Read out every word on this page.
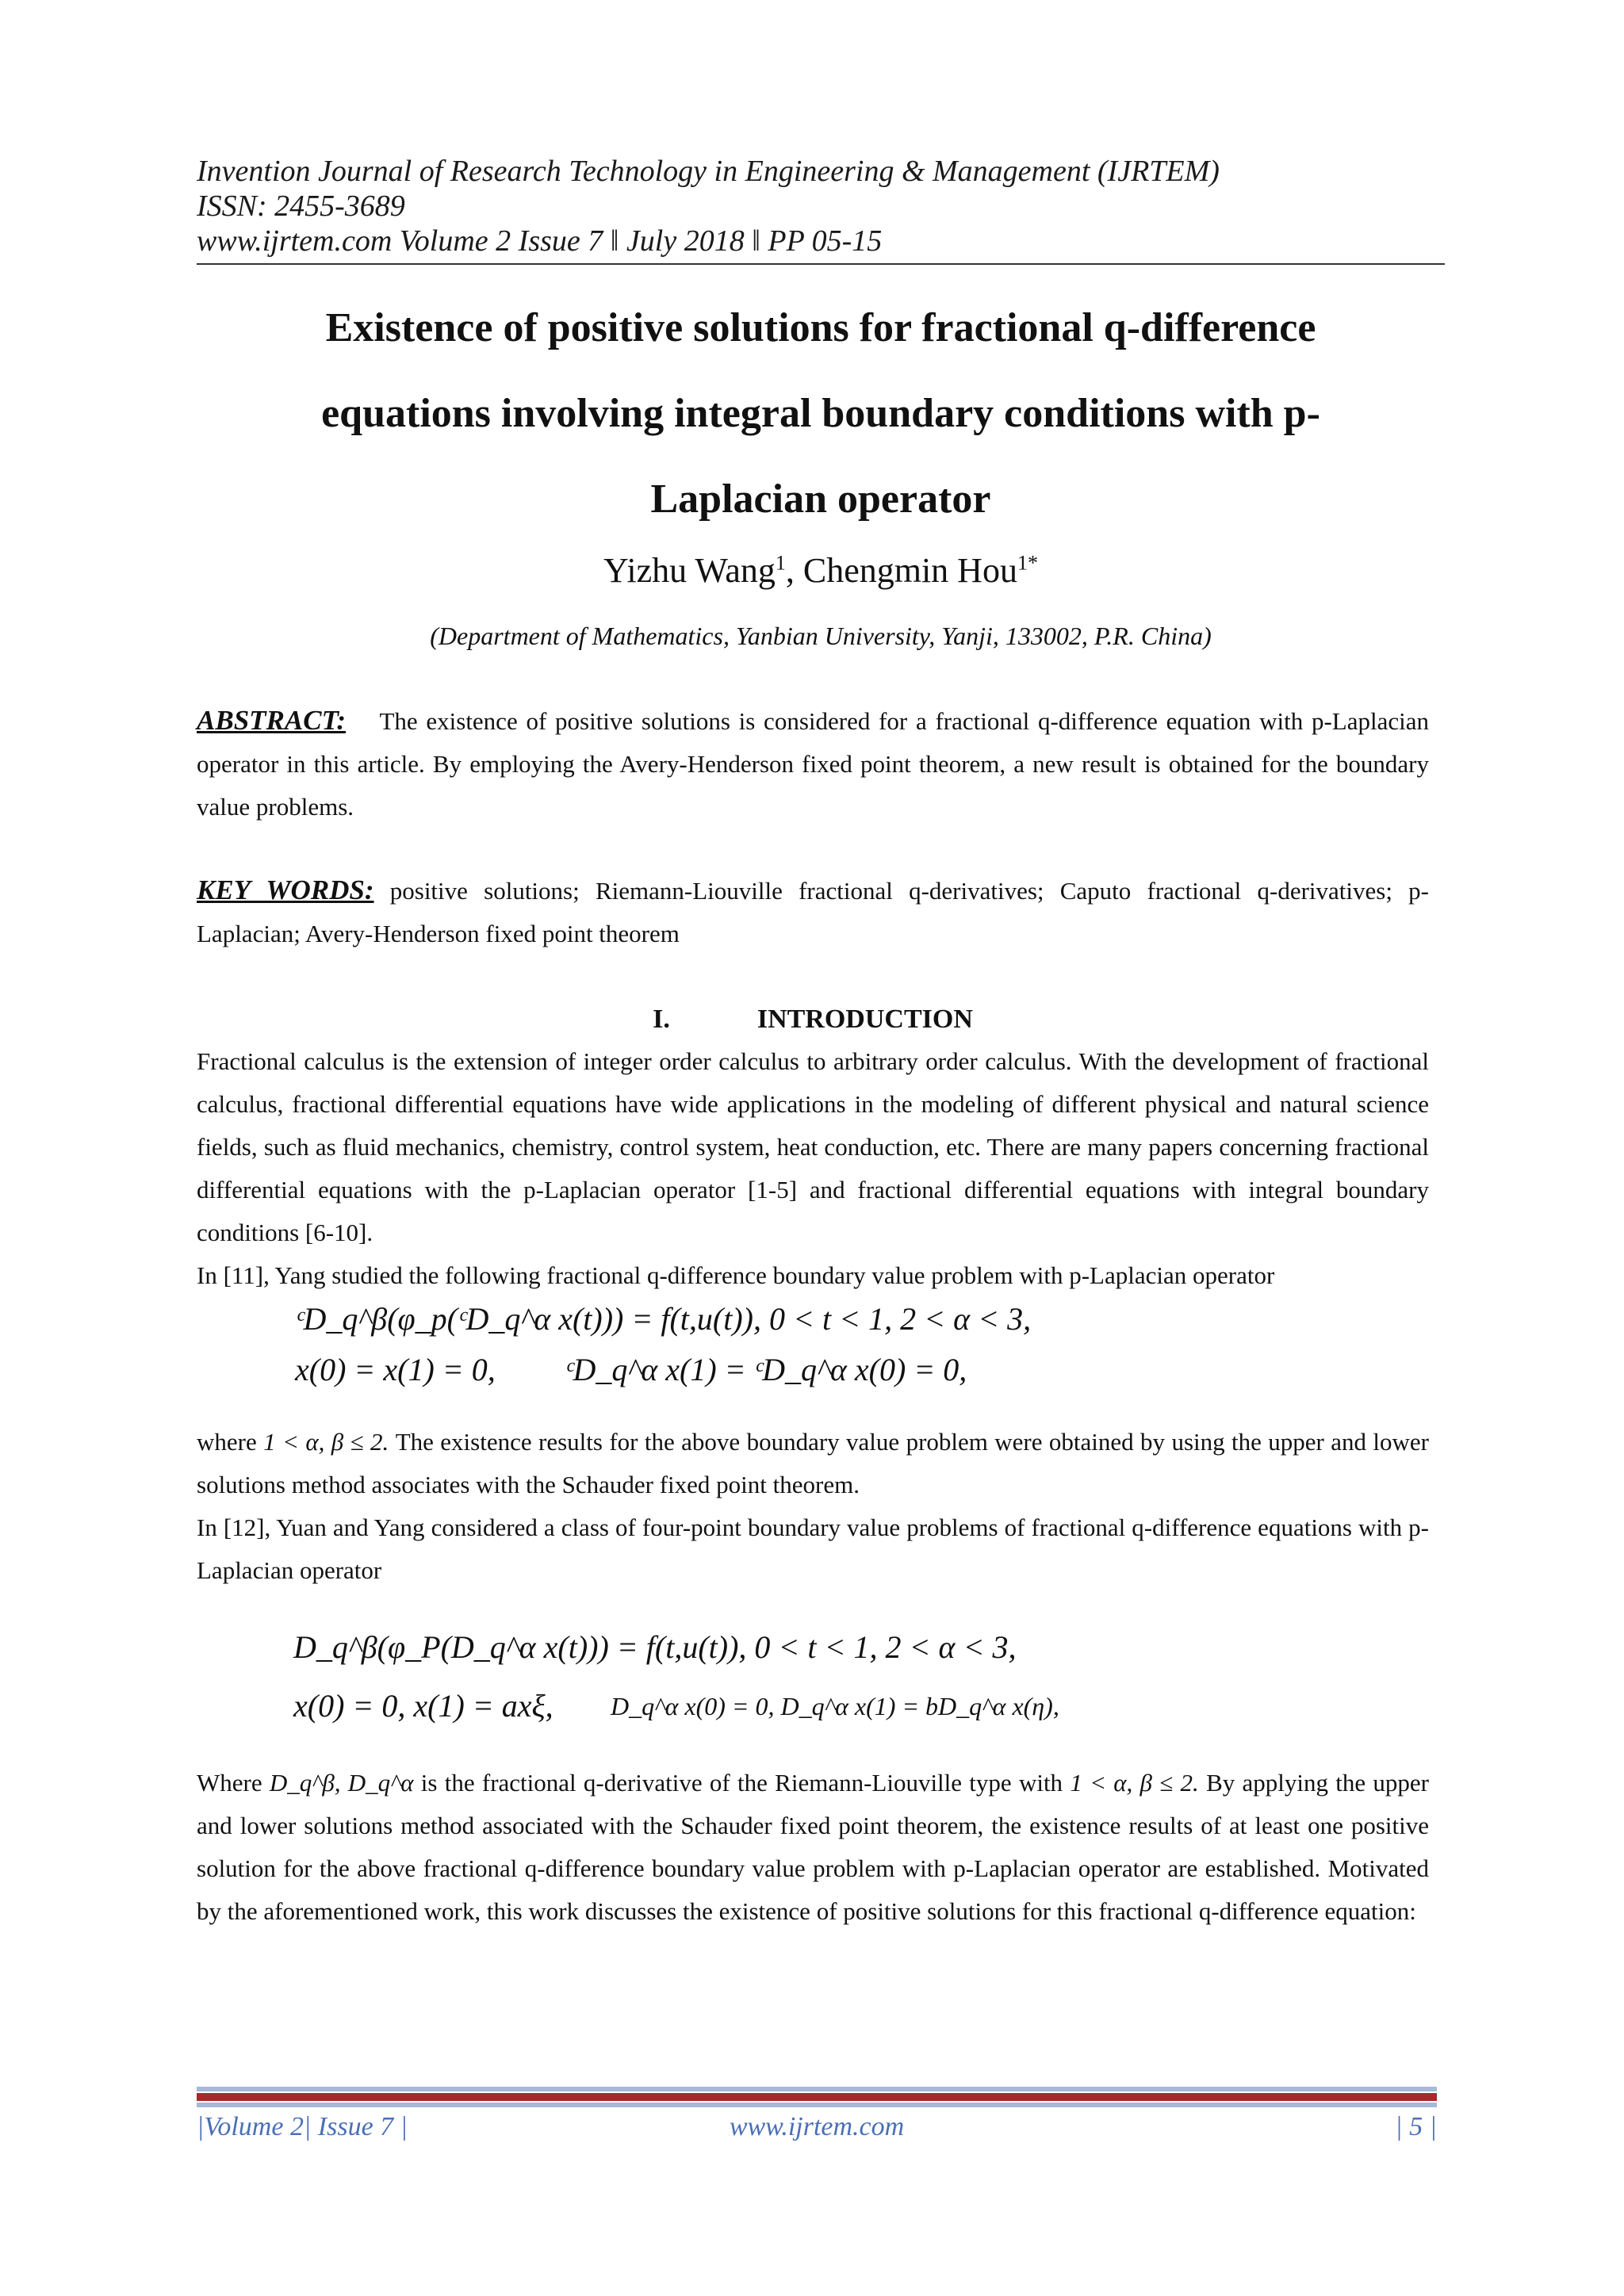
Invention Journal of Research Technology in Engineering & Management (IJRTEM)
ISSN: 2455-3689
www.ijrtem.com Volume 2 Issue 7 ǁ July 2018 ǁ PP 05-15
Existence of positive solutions for fractional q-difference
equations involving integral boundary conditions with p-
Laplacian operator
Yizhu Wang$^1$, Chengmin Hou$^{1*}$
(Department of Mathematics, Yanbian University, Yanji, 133002, P.R. China)
ABSTRACT: The existence of positive solutions is considered for a fractional q-difference equation with p-Laplacian operator in this article. By employing the Avery-Henderson fixed point theorem, a new result is obtained for the boundary value problems.
KEY WORDS: positive solutions; Riemann-Liouville fractional q-derivatives; Caputo fractional q-derivatives; p-Laplacian; Avery-Henderson fixed point theorem
I.	INTRODUCTION
Fractional calculus is the extension of integer order calculus to arbitrary order calculus. With the development of fractional calculus, fractional differential equations have wide applications in the modeling of different physical and natural science fields, such as fluid mechanics, chemistry, control system, heat conduction, etc. There are many papers concerning fractional differential equations with the p-Laplacian operator [1-5] and fractional differential equations with integral boundary conditions [6-10].
In [11], Yang studied the following fractional q-difference boundary value problem with p-Laplacian operator
ᶜD_q^β(φ_p(ᶜD_q^α x(t))) = f(t,u(t)), 0 < t < 1, 2 < α < 3,
x(0) = x(1) = 0, ᶜD_q^α x(1) = ᶜD_q^α x(0) = 0,
where 1 < α, β ≤ 2. The existence results for the above boundary value problem were obtained by using the upper and lower solutions method associates with the Schauder fixed point theorem.
In [12], Yuan and Yang considered a class of four-point boundary value problems of fractional q-difference equations with p-Laplacian operator
D_q^β(φ_P(D_q^α x(t))) = f(t,u(t)), 0 < t < 1, 2 < α < 3,
x(0) = 0, x(1) = axξ, D_q^α x(0) = 0, D_q^α x(1) = bD_q^α x(η),
Where D_q^β, D_q^α is the fractional q-derivative of the Riemann-Liouville type with 1 < α, β ≤ 2. By applying the upper and lower solutions method associated with the Schauder fixed point theorem, the existence results of at least one positive solution for the above fractional q-difference boundary value problem with p-Laplacian operator are established. Motivated by the aforementioned work, this work discusses the existence of positive solutions for this fractional q-difference equation:
|Volume 2| Issue 7 |	www.ijrtem.com	| 5 |
